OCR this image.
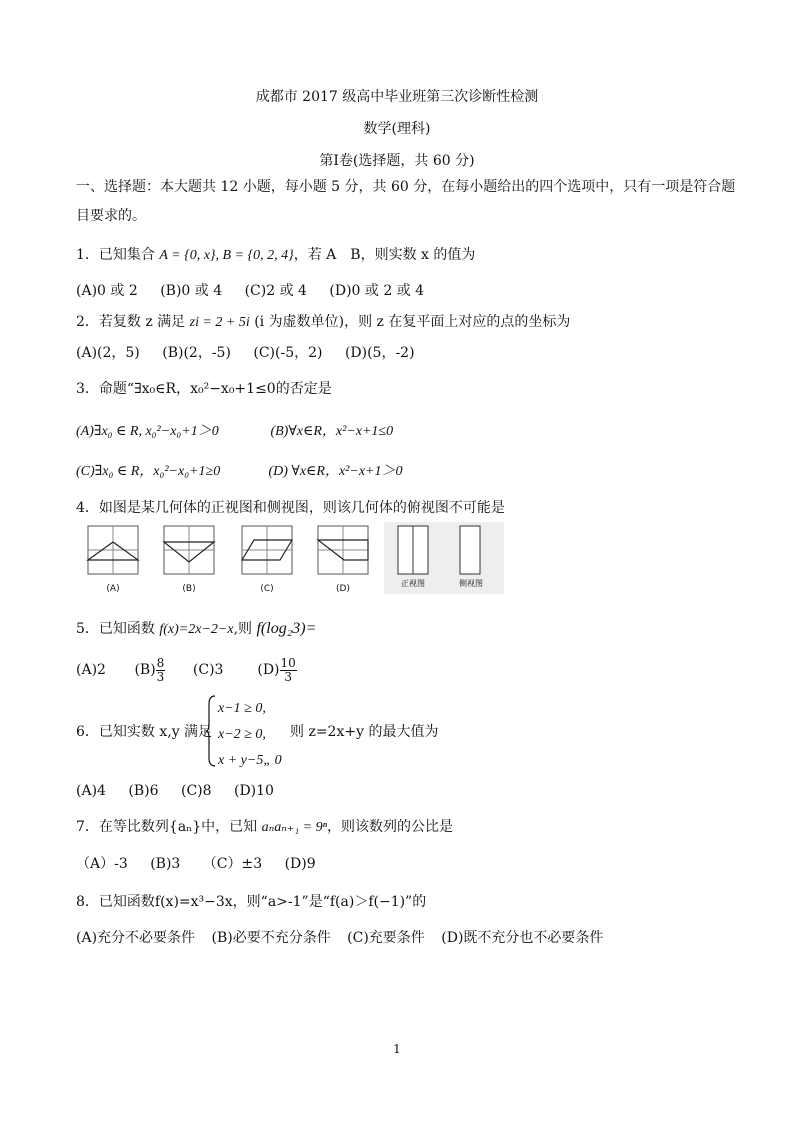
成都市 2017 级高中毕业班第三次诊断性检测
数学(理科)
第Ⅰ卷(选择题，共 60 分)
一、选择题：本大题共 12 小题，每小题 5 分，共 60 分，在每小题给出的四个选项中，只有一项是符合题目要求的。
1．已知集合 A = {0, x}, B = {0, 2, 4}，若 A　B，则实数 x 的值为
(A)0 或 2 (B)0 或 4 (C)2 或 4 (D)0 或 2 或 4
2．若复数 z 满足 zi = 2 + 5i (i 为虚数单位)，则 z 在复平面上对应的点的坐标为
(A)(2，5) (B)(2，-5) (C)(-5，2) (D)(5，-2)
3．命题“∃x₀∈R，x₀²−x₀+1≤0的否定是
(A)∃x₀ ∈ R, x₀²−x₀+1＞0	(B)∀x∈R，x²−x+1≤0
(C)∃x₀ ∈ R，x₀²−x₀+1≥0	(D) ∀x∈R，x²−x+1＞0
4．如图是某几何体的正视图和侧视图，则该几何体的俯视图不可能是
(A)	(B)	(C)	(D)
正视图	侧视图
5．已知函数 f(x)=2x−2−x,则 f(log₂3)=
(A)2 $(B) \frac{8}{3} (C)3$ $(D) \frac{10}{3}$
6．已知实数 x,y 满足
x−1 ≥ 0,
x−2 ≥ 0,
x + y−5„ 0
则 z=2x+y 的最大值为
(A)4 (B)6 (C)8 (D)10
7．在等比数列{aₙ}中，已知 aₙaₙ₊₁ = 9ⁿ，则该数列的公比是
（A）-3 (B)3 （C）±3 (D)9
8．已知函数f(x)=x³−3x，则“a>-1”是“f(a)＞f(−1)”的
(A)充分不必要条件 (B)必要不充分条件 (C)充要条件 (D)既不充分也不必要条件
1
